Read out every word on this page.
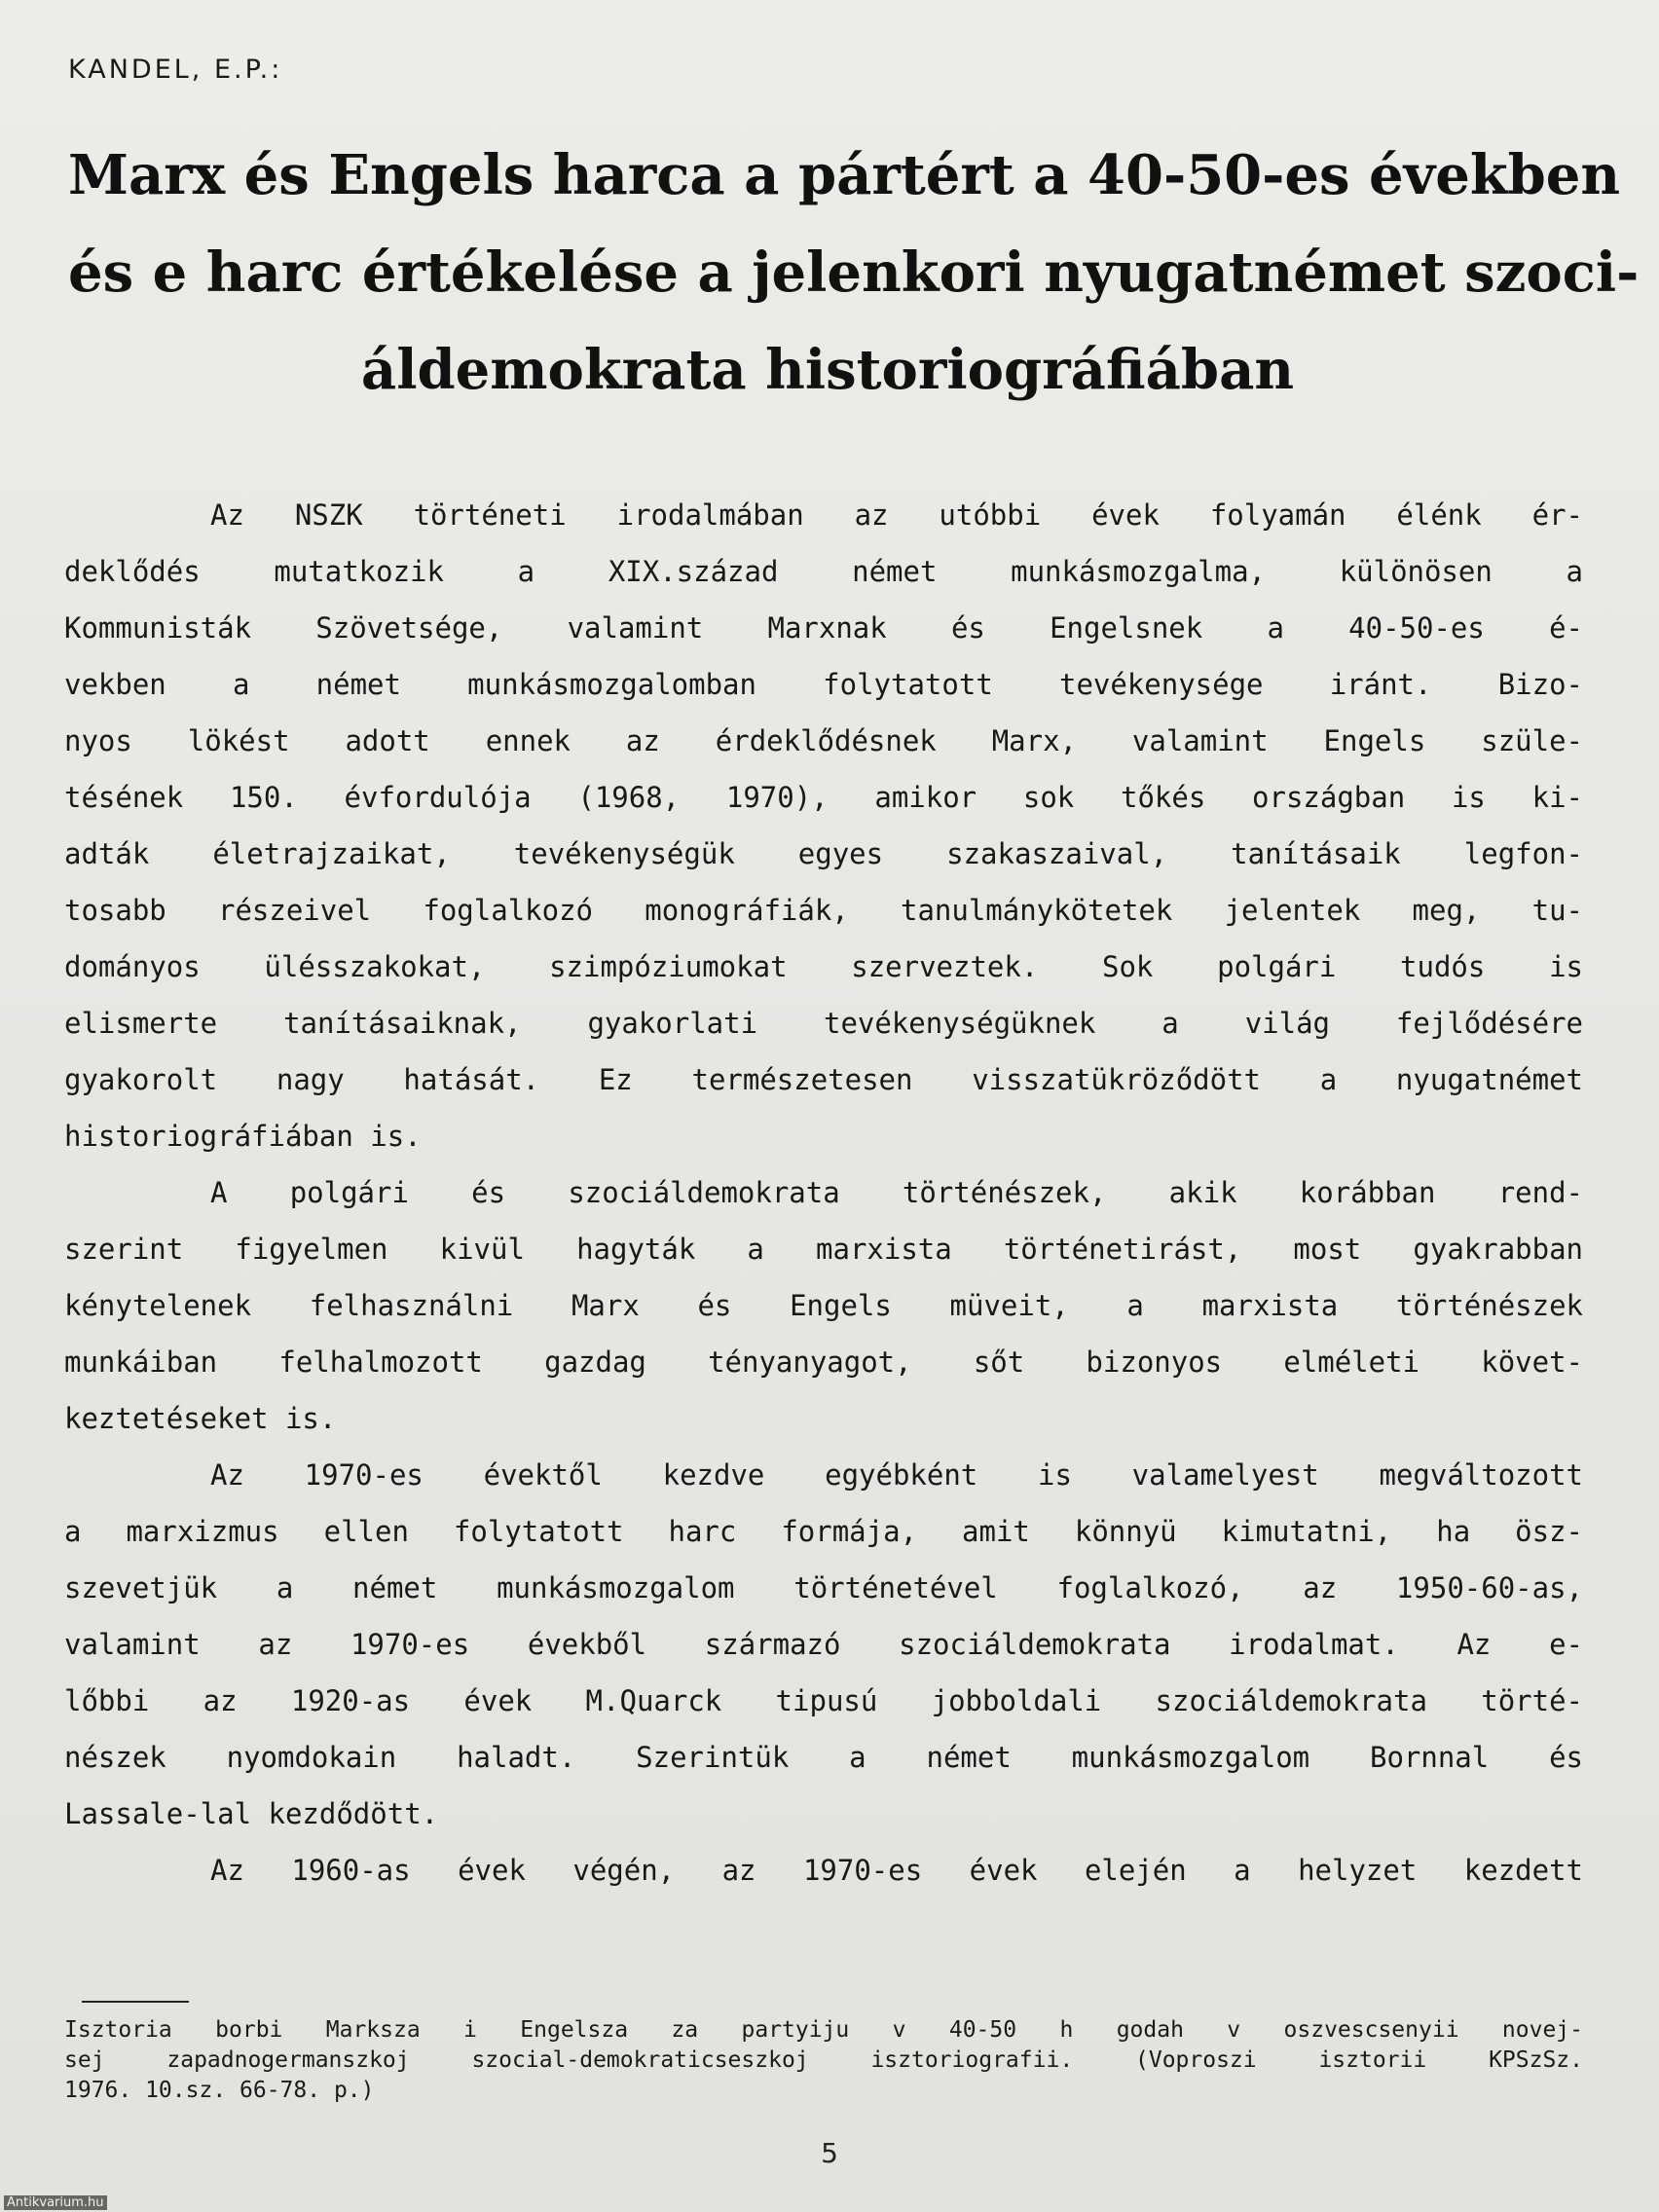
KANDEL, E.P.:
Marx és Engels harca a pártért a 40-50-es években
és e harc értékelése a jelenkori nyugatnémet szoci-
áldemokrata historiográfiában
Az NSZK történeti irodalmában az utóbbi évek folyamán élénk ér-
deklődés mutatkozik a XIX.század német munkásmozgalma, különösen a
Kommunisták Szövetsége, valamint Marxnak és Engelsnek a 40-50-es é-
vekben a német munkásmozgalomban folytatott tevékenysége iránt. Bizo-
nyos lökést adott ennek az érdeklődésnek Marx, valamint Engels szüle-
tésének 150. évfordulója (1968, 1970), amikor sok tőkés országban is ki-
adták életrajzaikat, tevékenységük egyes szakaszaival, tanításaik legfon-
tosabb részeivel foglalkozó monográfiák, tanulmánykötetek jelentek meg, tu-
dományos ülésszakokat, szimpóziumokat szerveztek. Sok polgári tudós is
elismerte tanításaiknak, gyakorlati tevékenységüknek a világ fejlődésére
gyakorolt nagy hatását. Ez természetesen visszatükröződött a nyugatnémet
historiográfiában is.
A polgári és szociáldemokrata történészek, akik korábban rend-
szerint figyelmen kivül hagyták a marxista történetirást, most gyakrabban
kénytelenek felhasználni Marx és Engels müveit, a marxista történészek
munkáiban felhalmozott gazdag tényanyagot, sőt bizonyos elméleti követ-
keztetéseket is.
Az 1970-es évektől kezdve egyébként is valamelyest megváltozott
a marxizmus ellen folytatott harc formája, amit könnyü kimutatni, ha ösz-
szevetjük a német munkásmozgalom történetével foglalkozó, az 1950-60-as,
valamint az 1970-es évekből származó szociáldemokrata irodalmat. Az e-
lőbbi az 1920-as évek M.Quarck tipusú jobboldali szociáldemokrata törté-
nészek nyomdokain haladt. Szerintük a német munkásmozgalom Bornnal és
Lassale-lal kezdődött.
Az 1960-as évek végén, az 1970-es évek elején a helyzet kezdett
Isztoria borbi Marksza i Engelsza za partyiju v 40-50 h godah v oszvescsenyii novej-
sej zapadnogermanszkoj szocial-demokraticseszkoj isztoriografii. (Voproszi isztorii KPSzSz.
1976. 10.sz. 66-78. p.)
5
Antikvarium.hu
